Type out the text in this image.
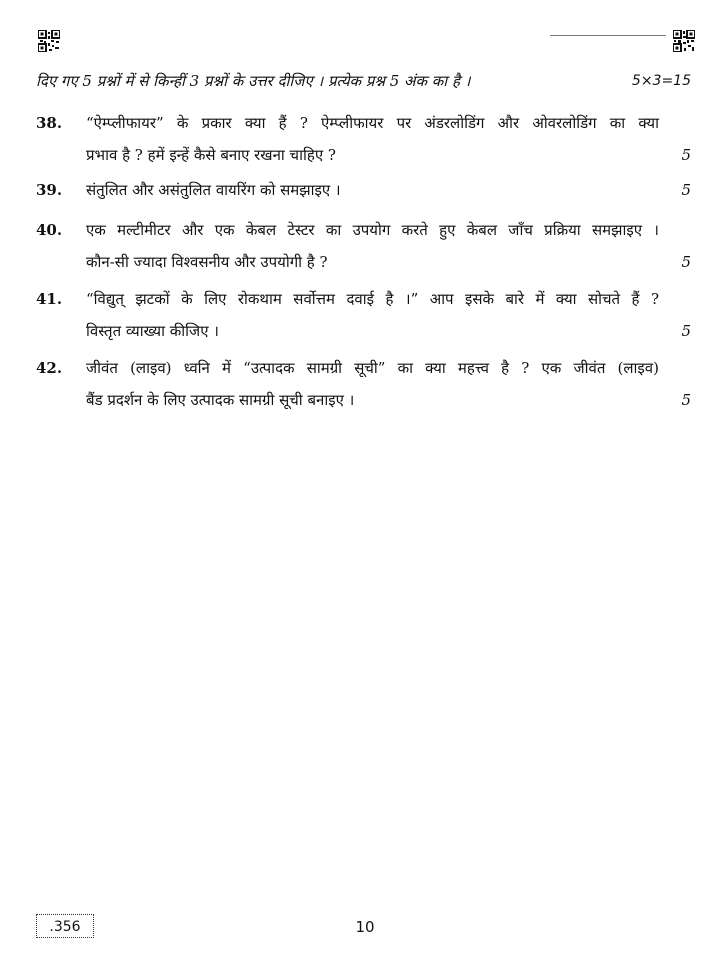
दिए गए 5 प्रश्नों में से किन्हीं 3 प्रश्नों के उत्तर दीजिए । प्रत्येक प्रश्न 5 अंक का है ।	5×3=15
38. “ऐम्प्लीफायर” के प्रकार क्या हैं ? ऐम्प्लीफायर पर अंडरलोडिंग और ओवरलोडिंग का क्या
प्रभाव है ? हमें इन्हें कैसे बनाए रखना चाहिए ?	5
39. संतुलित और असंतुलित वायरिंग को समझाइए ।	5
40. एक मल्टीमीटर और एक केबल टेस्टर का उपयोग करते हुए केबल जाँच प्रक्रिया समझाइए ।
कौन-सी ज्यादा विश्वसनीय और उपयोगी है ?	5
41. “विद्युत् झटकों के लिए रोकथाम सर्वोत्तम दवाई है ।” आप इसके बारे में क्या सोचते हैं ?
विस्तृत व्याख्या कीजिए ।	5
42. जीवंत (लाइव) ध्वनि में “उत्पादक सामग्री सूची” का क्या महत्त्व है ? एक जीवंत (लाइव)
बैंड प्रदर्शन के लिए उत्पादक सामग्री सूची बनाइए ।	5
.356	10
